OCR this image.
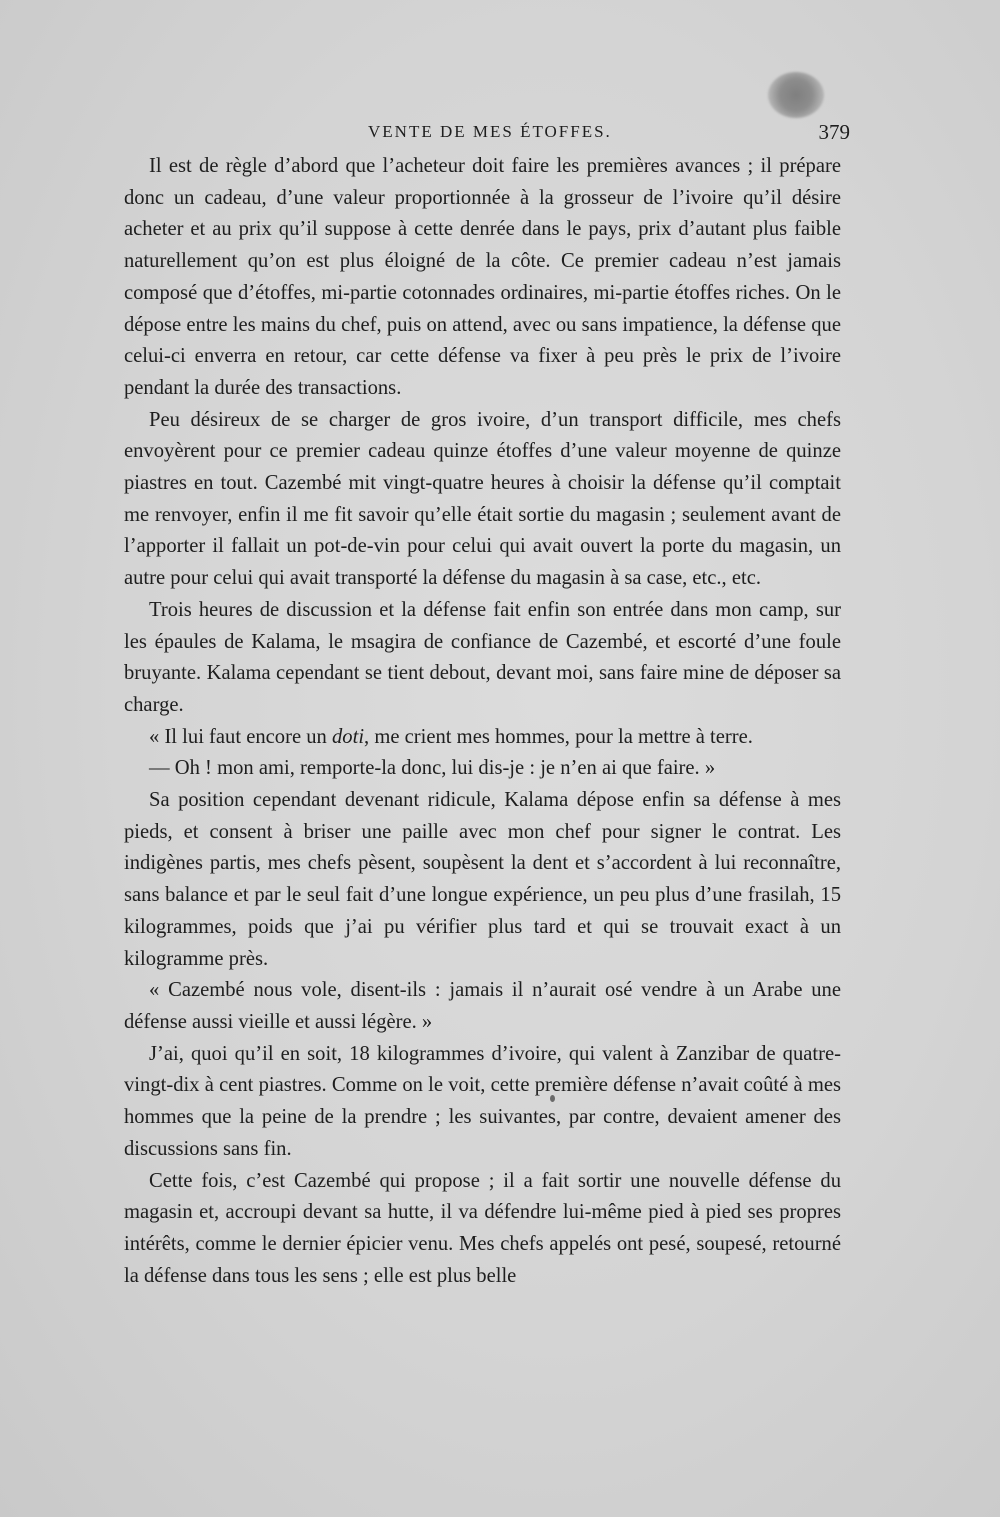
VENTE DE MES ÉTOFFES.	379

Il est de règle d’abord que l’acheteur doit faire les premières avances ; il prépare donc un cadeau, d’une valeur proportionnée à la grosseur de l’ivoire qu’il désire acheter et au prix qu’il suppose à cette denrée dans le pays, prix d’autant plus faible naturellement qu’on est plus éloigné de la côte. Ce premier cadeau n’est jamais composé que d’étoffes, mi-partie cotonnades ordinaires, mi-partie étoffes riches. On le dépose entre les mains du chef, puis on attend, avec ou sans impatience, la défense que celui-ci enverra en retour, car cette défense va fixer à peu près le prix de l’ivoire pendant la durée des transactions.

Peu désireux de se charger de gros ivoire, d’un transport difficile, mes chefs envoyèrent pour ce premier cadeau quinze étoffes d’une valeur moyenne de quinze piastres en tout. Cazembé mit vingt-quatre heures à choisir la défense qu’il comptait me renvoyer, enfin il me fit savoir qu’elle était sortie du magasin ; seulement avant de l’apporter il fallait un pot-de-vin pour celui qui avait ouvert la porte du magasin, un autre pour celui qui avait transporté la défense du magasin à sa case, etc., etc.

Trois heures de discussion et la défense fait enfin son entrée dans mon camp, sur les épaules de Kalama, le msagira de confiance de Cazembé, et escorté d’une foule bruyante. Kalama cependant se tient debout, devant moi, sans faire mine de déposer sa charge.

« Il lui faut encore un doti, me crient mes hommes, pour la mettre à terre.

— Oh ! mon ami, remporte-la donc, lui dis-je : je n’en ai que faire. »

Sa position cependant devenant ridicule, Kalama dépose enfin sa défense à mes pieds, et consent à briser une paille avec mon chef pour signer le contrat. Les indigènes partis, mes chefs pèsent, soupèsent la dent et s’accordent à lui reconnaître, sans balance et par le seul fait d’une longue expérience, un peu plus d’une frasilah, 15 kilogrammes, poids que j’ai pu vérifier plus tard et qui se trouvait exact à un kilogramme près.

« Cazembé nous vole, disent-ils : jamais il n’aurait osé vendre à un Arabe une défense aussi vieille et aussi légère. »

J’ai, quoi qu’il en soit, 18 kilogrammes d’ivoire, qui valent à Zanzibar de quatre-vingt-dix à cent piastres. Comme on le voit, cette première défense n’avait coûté à mes hommes que la peine de la prendre ; les suivantes, par contre, devaient amener des discussions sans fin.

Cette fois, c’est Cazembé qui propose ; il a fait sortir une nouvelle défense du magasin et, accroupi devant sa hutte, il va défendre lui-même pied à pied ses propres intérêts, comme le dernier épicier venu. Mes chefs appelés ont pesé, soupesé, retourné la défense dans tous les sens ; elle est plus belle
